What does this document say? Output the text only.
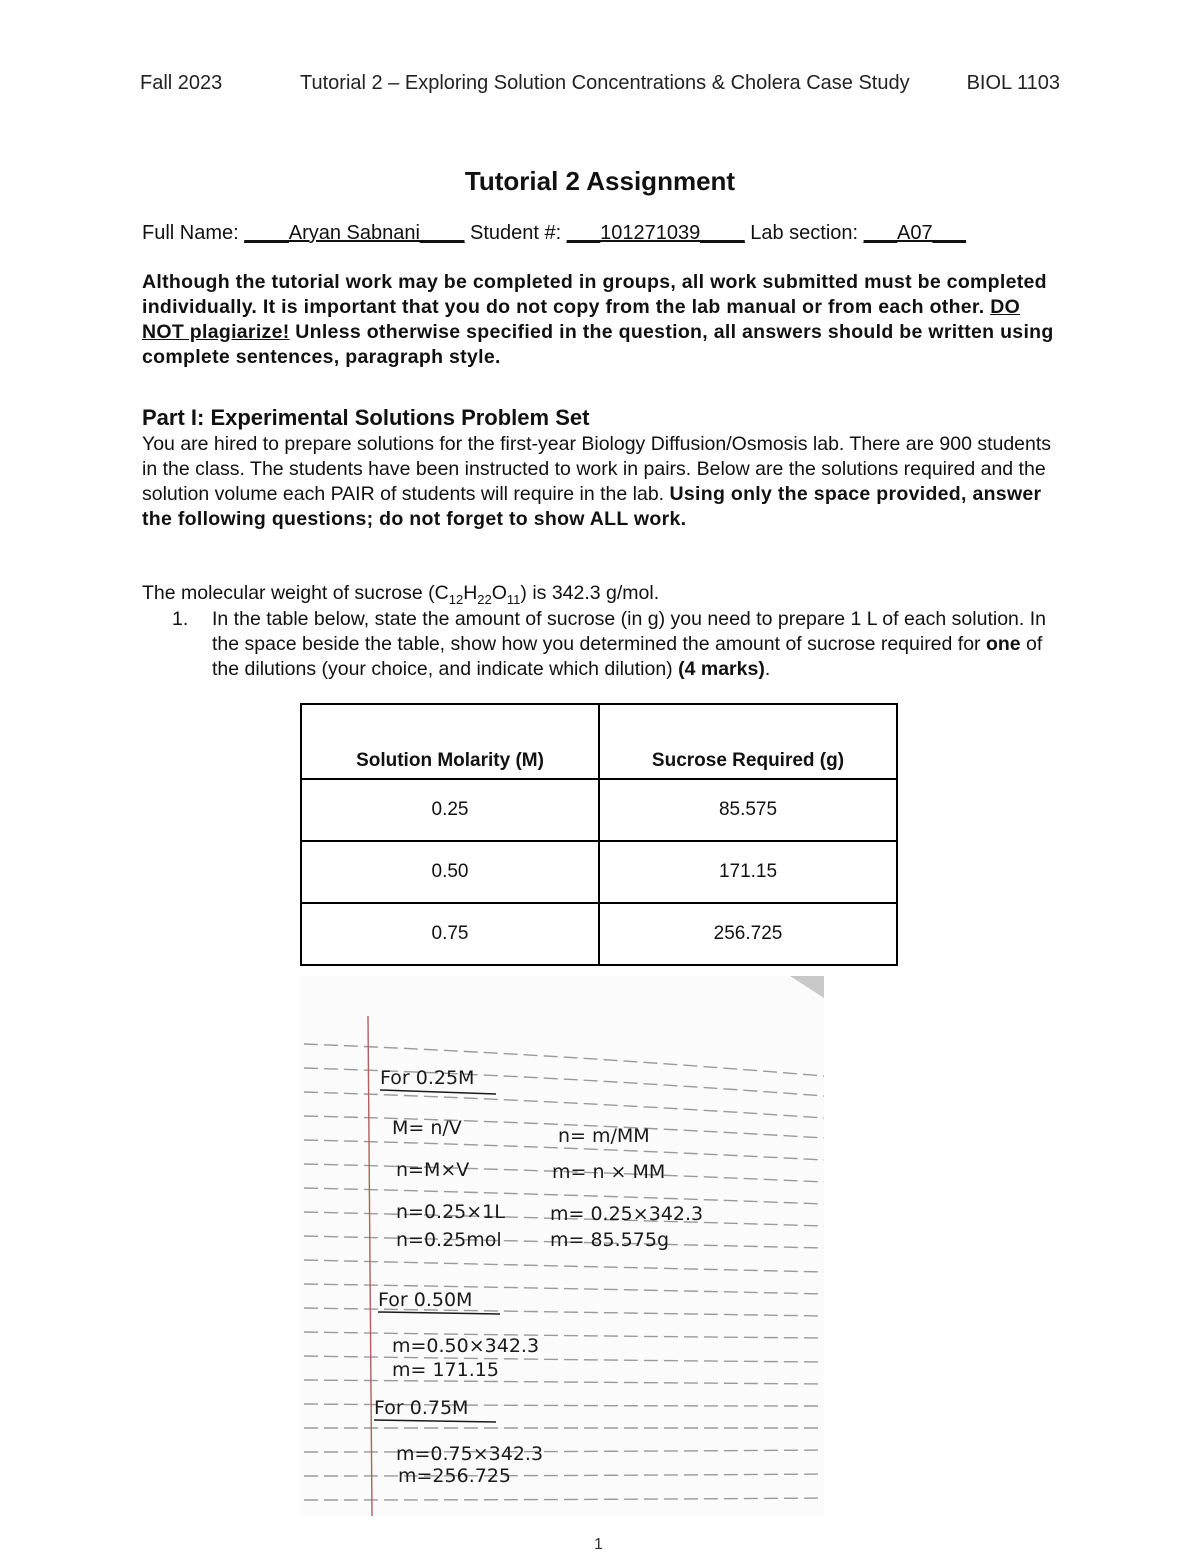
Fall 2023	Tutorial 2 – Exploring Solution Concentrations & Cholera Case Study	BIOL 1103
Tutorial 2 Assignment
Full Name: ____Aryan Sabnani____ Student #: ___101271039____ Lab section: ___A07___
Although the tutorial work may be completed in groups, all work submitted must be completed individually. It is important that you do not copy from the lab manual or from each other. DO NOT plagiarize! Unless otherwise specified in the question, all answers should be written using complete sentences, paragraph style.
Part I: Experimental Solutions Problem Set
You are hired to prepare solutions for the first-year Biology Diffusion/Osmosis lab. There are 900 students in the class. The students have been instructed to work in pairs. Below are the solutions required and the solution volume each PAIR of students will require in the lab. Using only the space provided, answer the following questions; do not forget to show ALL work.
The molecular weight of sucrose $(C_{12}H_{22}O_{11})$ is 342.3 g/mol.
1. In the table below, state the amount of sucrose (in g) you need to prepare 1 L of each solution. In the space beside the table, show how you determined the amount of sucrose required for one of the dilutions (your choice, and indicate which dilution) (4 marks).
Solution Molarity (M)	Sucrose Required (g)
0.25	85.575
0.50	171.15
0.75	256.725
For 0.25M
M= n/V	n= m/MM
n=M×V	m= n × MM
n=0.25×1L m= 0.25×342.3
n=0.25mol	m= 85.575g
For 0.50M
m=0.50×342.3
m= 171.15
For 0.75M
m=0.75×342.3
m=256.725
1
